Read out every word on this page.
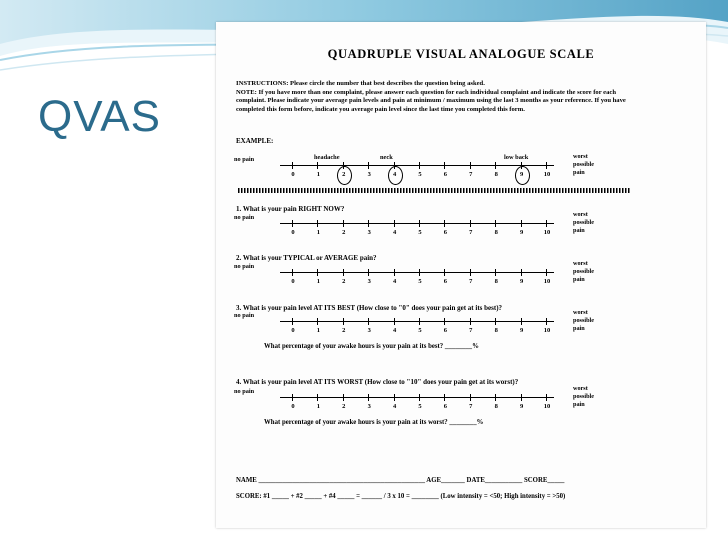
QVAS
QUADRUPLE VISUAL ANALOGUE SCALE
INSTRUCTIONS: Please circle the number that best describes the question being asked.
NOTE: If you have more than one complaint, please answer each question for each individual complaint and indicate the score for each complaint. Please indicate your average pain levels and pain at minimum / maximum using the last 3 months as your reference. If you have completed this form before, indicate you average pain level since the last time you completed this form.
EXAMPLE:
headache	neck	low back
1. What is your pain RIGHT NOW?
2. What is your TYPICAL or AVERAGE pain?
3. What is your pain level AT ITS BEST (How close to "0" does your pain get at its best)?
What percentage of your awake hours is your pain at its best? ________%
4. What is your pain level AT ITS WORST (How close to "10" does your pain get at its worst)?
What percentage of your awake hours is your pain at its worst? ________%
NAME _________________________________________________ AGE_______ DATE___________ SCORE_____
SCORE: #1 _____ + #2 _____ + #4 _____ = ______ / 3 x 10 = ________ (Low intensity = <50; High intensity = >50)
no pain	worst
possible
pain
0	1	2	3	4	5	6	7	8	9	10
no pain	worst
possible
pain
0	1	2	3	4	5	6	7	8	9	10
no pain	worst
possible
pain
0	1	2	3	4	5	6	7	8	9	10
no pain	worst
possible
pain
0	1	2	3	4	5	6	7	8	9	10
no pain	worst
possible
pain
0	1	2	3	4	5	6	7	8	9	10
